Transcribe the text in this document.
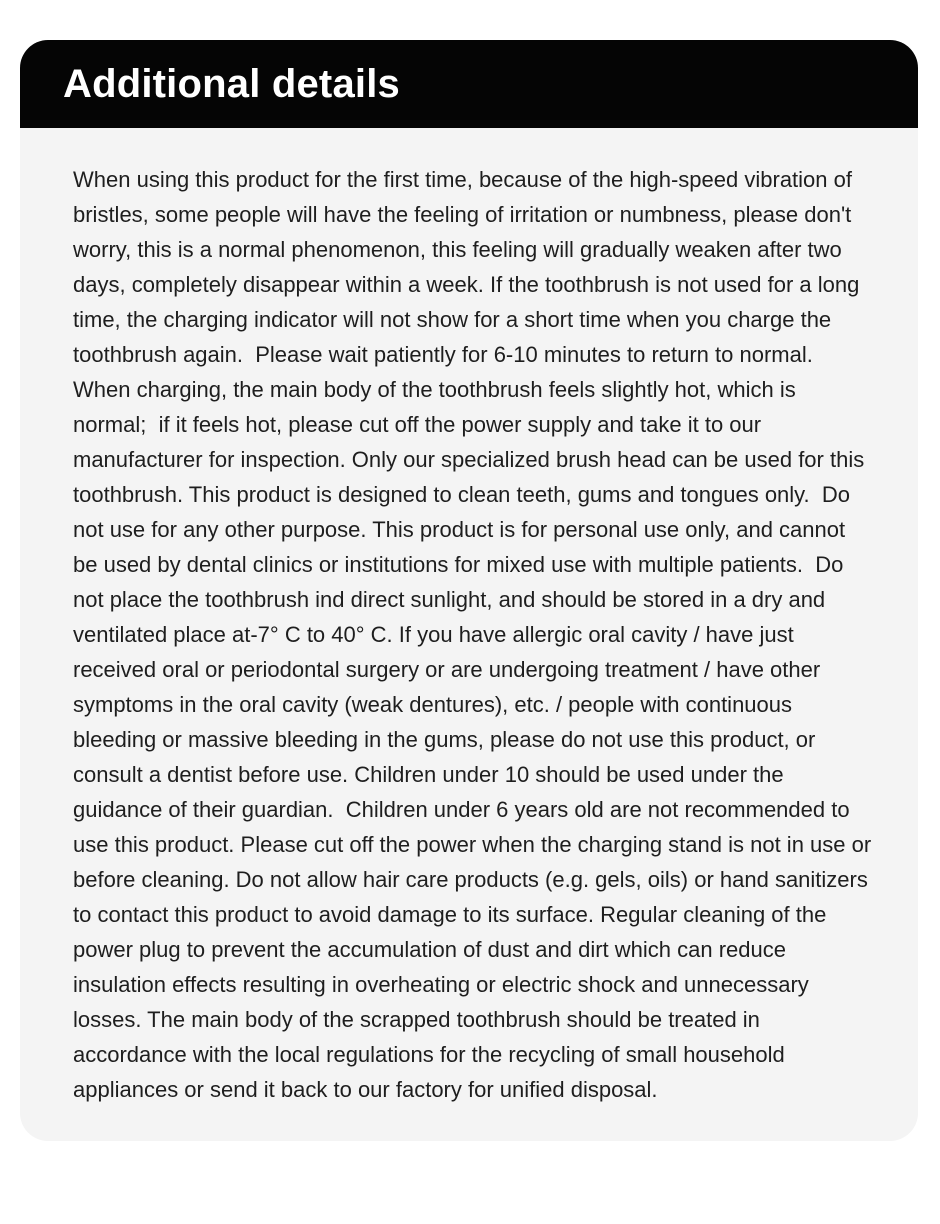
Additional details

When using this product for the first time, because of the high-speed vibration of bristles, some people will have the feeling of irritation or numbness, please don't worry, this is a normal phenomenon, this feeling will gradually weaken after two days, completely disappear within a week. If the toothbrush is not used for a long time, the charging indicator will not show for a short time when you charge the toothbrush again.  Please wait patiently for 6-10 minutes to return to normal. When charging, the main body of the toothbrush feels slightly hot, which is normal;  if it feels hot, please cut off the power supply and take it to our manufacturer for inspection. Only our specialized brush head can be used for this toothbrush. This product is designed to clean teeth, gums and tongues only.  Do not use for any other purpose. This product is for personal use only, and cannot be used by dental clinics or institutions for mixed use with multiple patients.  Do not place the toothbrush ind direct sunlight, and should be stored in a dry and ventilated place at-7° C to 40° C. If you have allergic oral cavity / have just received oral or periodontal surgery or are undergoing treatment / have other symptoms in the oral cavity (weak dentures), etc. / people with continuous bleeding or massive bleeding in the gums, please do not use this product, or consult a dentist before use. Children under 10 should be used under the guidance of their guardian.  Children under 6 years old are not recommended to use this product. Please cut off the power when the charging stand is not in use or before cleaning. Do not allow hair care products (e.g. gels, oils) or hand sanitizers to contact this product to avoid damage to its surface. Regular cleaning of the power plug to prevent the accumulation of dust and dirt which can reduce insulation effects resulting in overheating or electric shock and unnecessary losses. The main body of the scrapped toothbrush should be treated in accordance with the local regulations for the recycling of small household appliances or send it back to our factory for unified disposal.
